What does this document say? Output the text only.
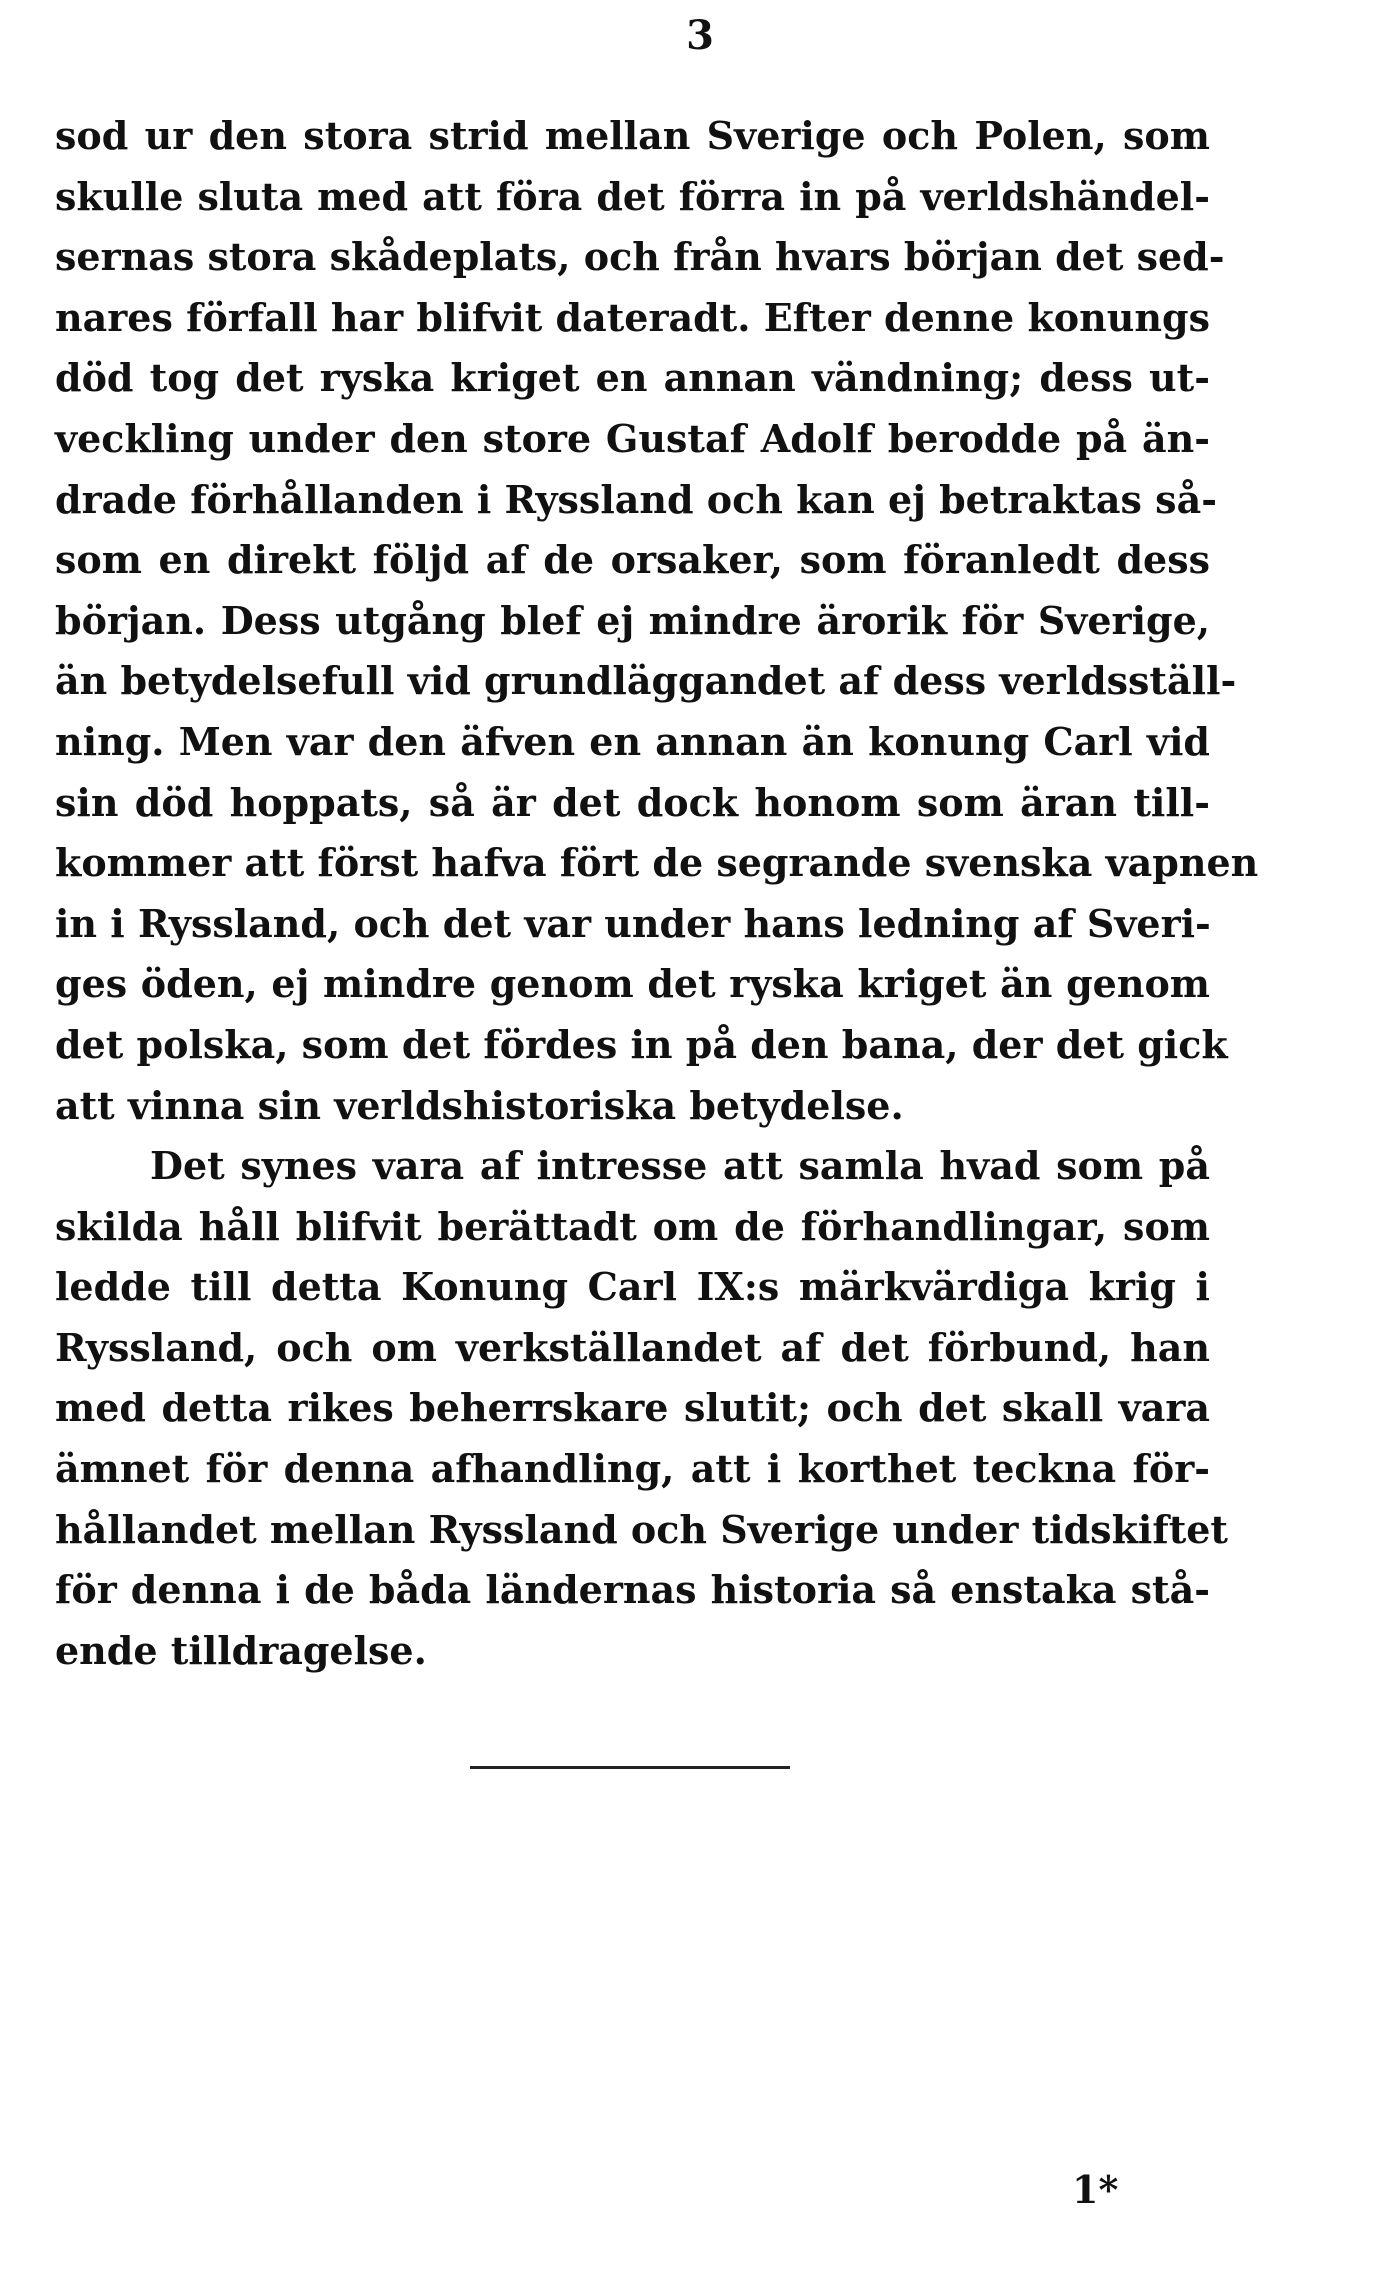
3
sod ur den stora strid mellan Sverige och Polen, som
skulle sluta med att föra det förra in på verldshändel-
sernas stora skådeplats, och från hvars början det sed-
nares förfall har blifvit dateradt. Efter denne konungs
död tog det ryska kriget en annan vändning; dess ut-
veckling under den store Gustaf Adolf berodde på än-
drade förhållanden i Ryssland och kan ej betraktas så-
som en direkt följd af de orsaker, som föranledt dess
början. Dess utgång blef ej mindre ärorik för Sverige,
än betydelsefull vid grundläggandet af dess verldsställ-
ning. Men var den äfven en annan än konung Carl vid
sin död hoppats, så är det dock honom som äran till-
kommer att först hafva fört de segrande svenska vapnen
in i Ryssland, och det var under hans ledning af Sveri-
ges öden, ej mindre genom det ryska kriget än genom
det polska, som det fördes in på den bana, der det gick
att vinna sin verldshistoriska betydelse.
Det synes vara af intresse att samla hvad som på
skilda håll blifvit berättadt om de förhandlingar, som
ledde till detta Konung Carl IX:s märkvärdiga krig i
Ryssland, och om verkställandet af det förbund, han
med detta rikes beherrskare slutit; och det skall vara
ämnet för denna afhandling, att i korthet teckna för-
hållandet mellan Ryssland och Sverige under tidskiftet
för denna i de båda ländernas historia så enstaka stå-
ende tilldragelse.
1*
